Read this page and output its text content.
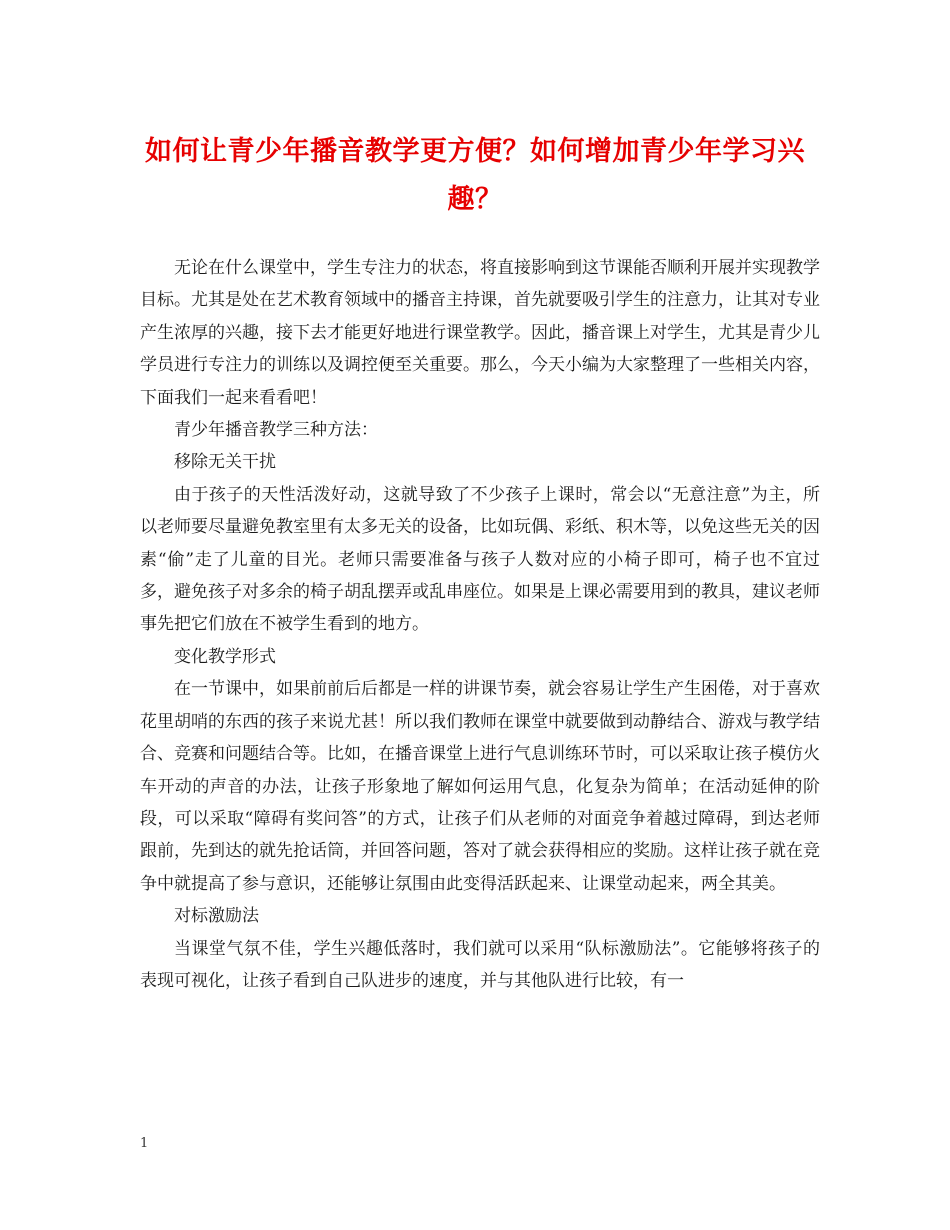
如何让青少年播音教学更方便？如何增加青少年学习兴趣？

无论在什么课堂中，学生专注力的状态，将直接影响到这节课能否顺利开展并实现教学目标。尤其是处在艺术教育领域中的播音主持课，首先就要吸引学生的注意力，让其对专业产生浓厚的兴趣，接下去才能更好地进行课堂教学。因此，播音课上对学生，尤其是青少儿学员进行专注力的训练以及调控便至关重要。那么，今天小编为大家整理了一些相关内容，下面我们一起来看看吧！

青少年播音教学三种方法：

移除无关干扰

由于孩子的天性活泼好动，这就导致了不少孩子上课时，常会以“无意注意”为主，所以老师要尽量避免教室里有太多无关的设备，比如玩偶、彩纸、积木等，以免这些无关的因素“偷”走了儿童的目光。老师只需要准备与孩子人数对应的小椅子即可，椅子也不宜过多，避免孩子对多余的椅子胡乱摆弄或乱串座位。如果是上课必需要用到的教具，建议老师事先把它们放在不被学生看到的地方。

变化教学形式

在一节课中，如果前前后后都是一样的讲课节奏，就会容易让学生产生困倦，对于喜欢花里胡哨的东西的孩子来说尤甚！所以我们教师在课堂中就要做到动静结合、游戏与教学结合、竞赛和问题结合等。比如，在播音课堂上进行气息训练环节时，可以采取让孩子模仿火车开动的声音的办法，让孩子形象地了解如何运用气息，化复杂为简单；在活动延伸的阶段，可以采取“障碍有奖问答”的方式，让孩子们从老师的对面竞争着越过障碍，到达老师跟前，先到达的就先抢话筒，并回答问题，答对了就会获得相应的奖励。这样让孩子就在竞争中就提高了参与意识，还能够让氛围由此变得活跃起来、让课堂动起来，两全其美。

对标激励法

当课堂气氛不佳，学生兴趣低落时，我们就可以采用“队标激励法”。它能够将孩子的表现可视化，让孩子看到自己队进步的速度，并与其他队进行比较，有一

1
